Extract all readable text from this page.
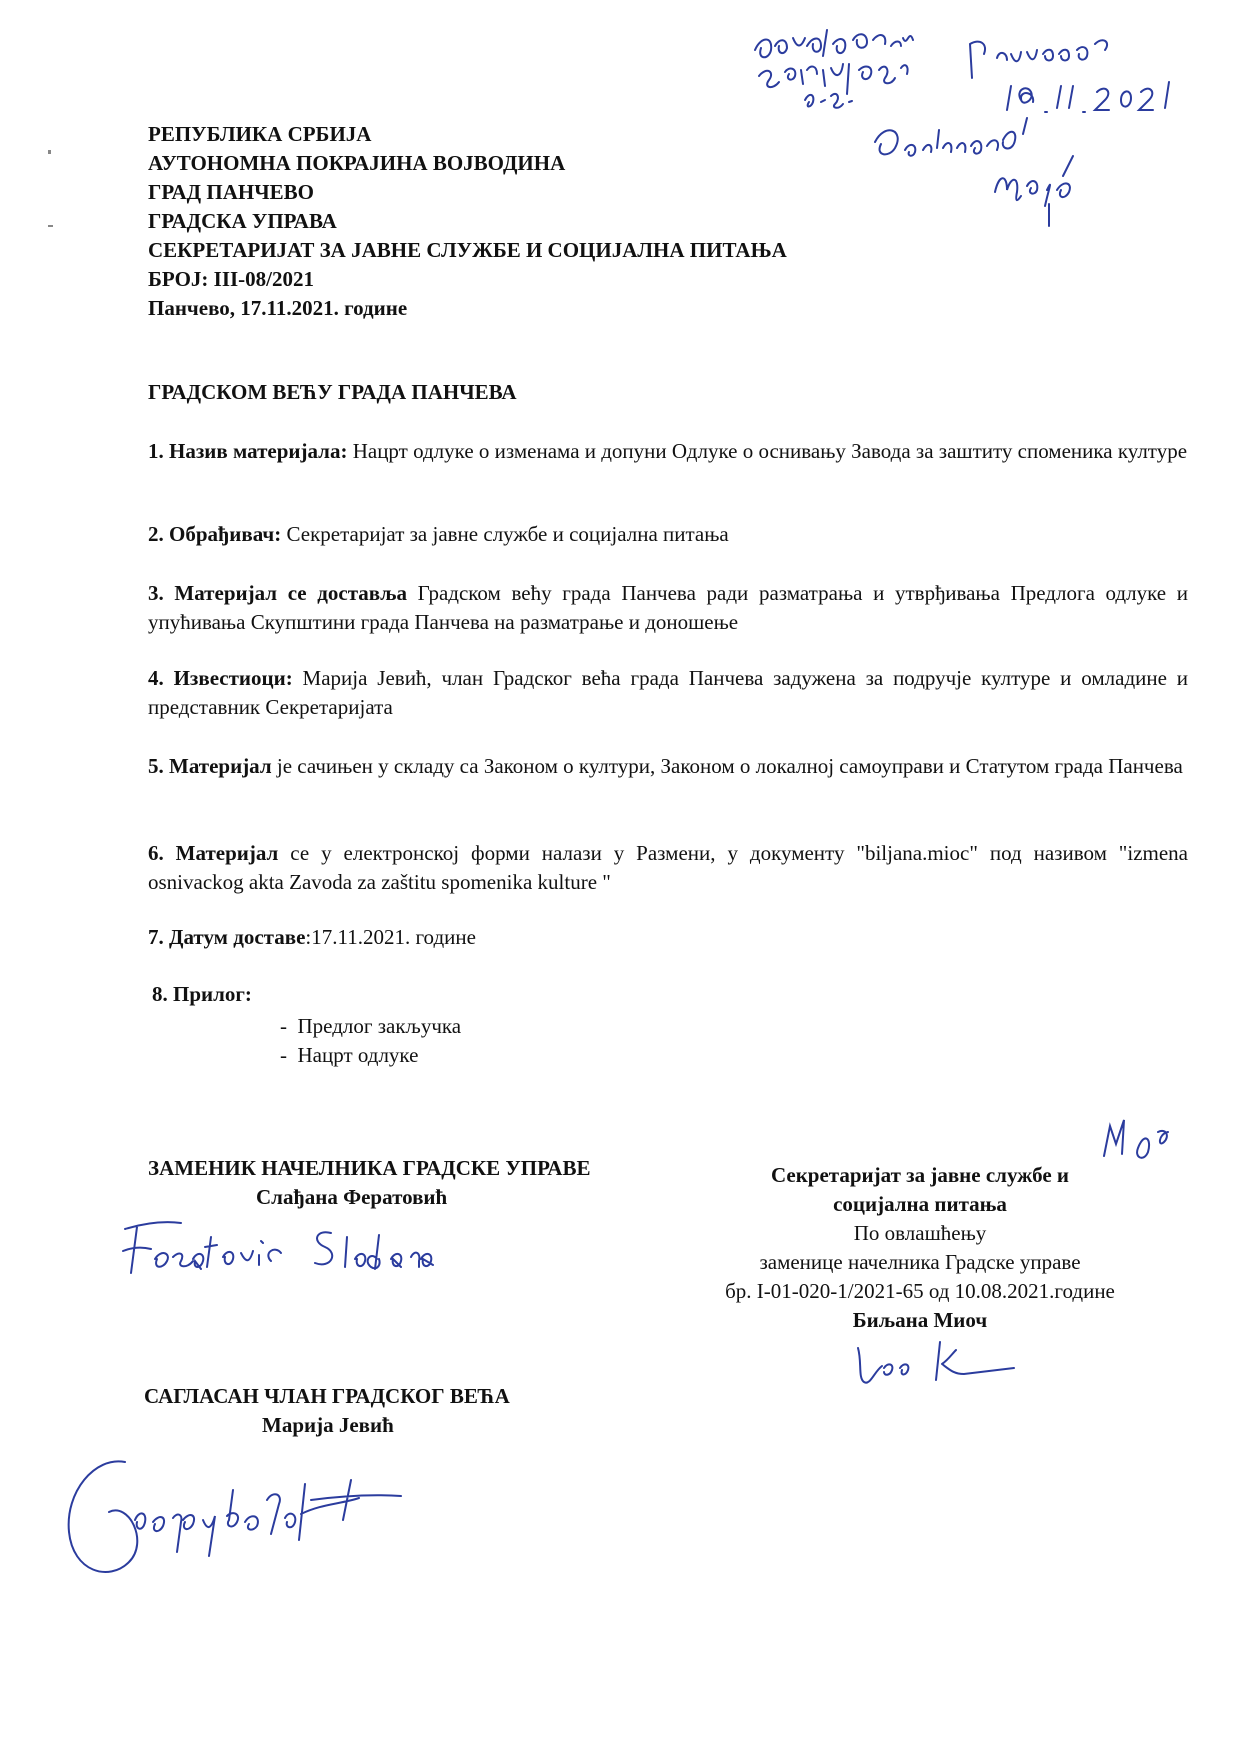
РЕПУБЛИКА СРБИЈА
АУТОНОМНА ПОКРАЈИНА ВОЈВОДИНА
ГРАД ПАНЧЕВО
ГРАДСКА УПРАВА
СЕКРЕТАРИЈАТ ЗА ЈАВНЕ СЛУЖБЕ И СОЦИЈАЛНА ПИТАЊА
БРОЈ: III-08/2021
Панчево, 17.11.2021. године
ГРАДСКОМ ВЕЋУ ГРАДА ПАНЧЕВА
1. Назив материјала: Нацрт одлуке о изменама и допуни Одлуке о оснивању Завода за заштиту споменика културе
2. Обрађивач: Секретаријат за јавне службе и социјална питања
3. Материјал се доставља Градском већу града Панчева ради разматрања и утврђивања Предлога одлуке и упућивања Скупштини града Панчева на разматрање и доношење
4. Известиоци: Марија Јевић, члан Градског већа града Панчева задужена за подручје културе и омладине и представник Секретаријата
5. Материјал је сачињен у складу са Законом о култури, Законом о локалној самоуправи и Статутом града Панчева
6. Материјал се у електронској форми налази у Размени, у документу "biljana.mioc" под називом "izmena osnivackog akta Zavoda za zaštitu spomenika kulture "
7. Датум доставе:17.11.2021. године
8. Прилог:
-  Предлог закључка
-  Нацрт одлуке
ЗАМЕНИК НАЧЕЛНИКА ГРАДСКЕ УПРАВЕ
Слађана Фератовић
Секретаријат за јавне службе и
социјална питања
По овлашћењу
заменице начелника Градске управе
бр. I-01-020-1/2021-65 од 10.08.2021.године
Биљана Миоч
САГЛАСАН ЧЛАН ГРАДСКОГ ВЕЋА
Марија Јевић
